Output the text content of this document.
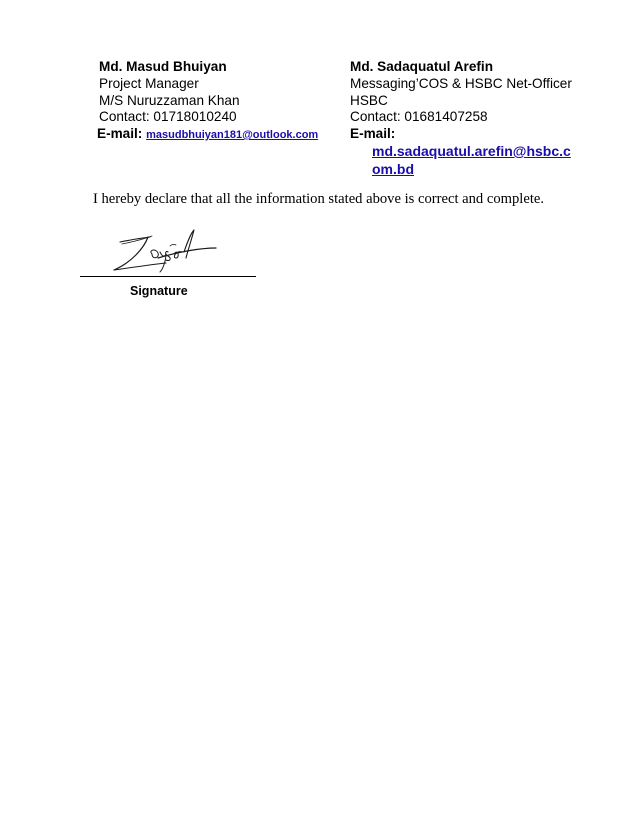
Md. Masud Bhuiyan
Project Manager
M/S Nuruzzaman Khan
Contact: 01718010240
E-mail: masudbhuiyan181@outlook.com
Md. Sadaquatul Arefin
Messaging’COS & HSBC Net-Officer
HSBC
Contact: 01681407258
E-mail:
md.sadaquatul.arefin@hsbc.com.bd
I hereby declare that all the information stated above is correct and complete.
Signature
